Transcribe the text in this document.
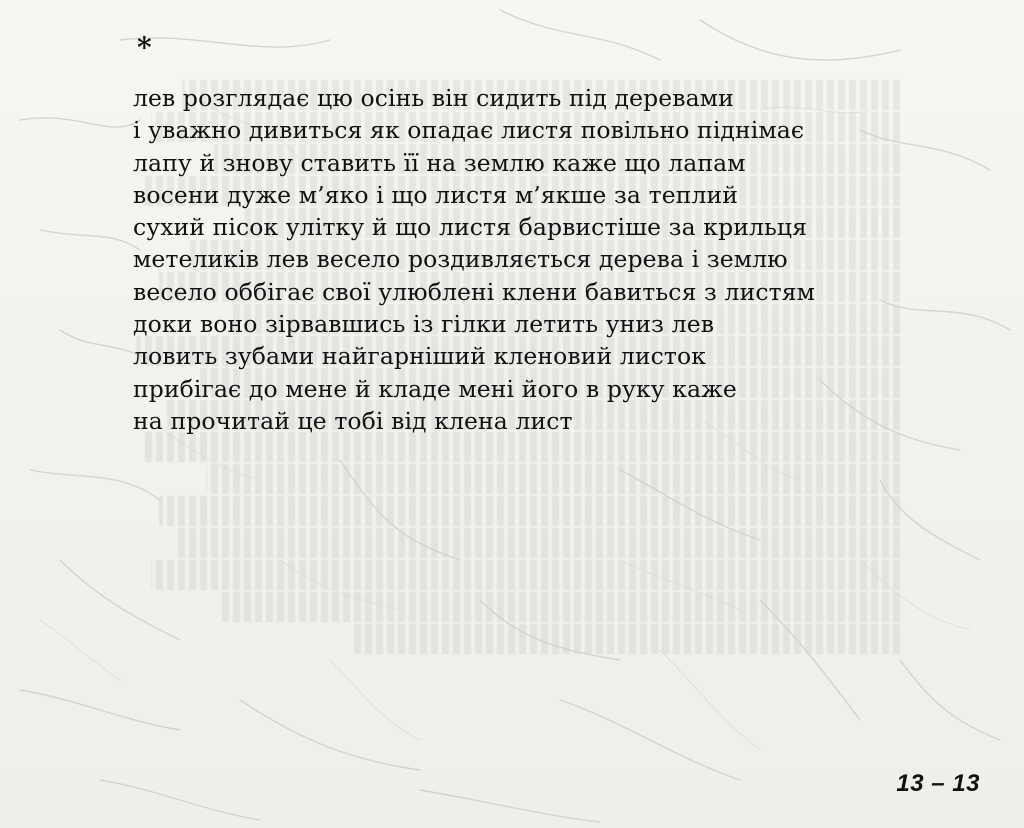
*
лев розглядає цю осінь він сидить під деревами
і уважно дивиться як опадає листя повільно піднімає
лапу й знову ставить її на землю каже що лапам
восени дуже м’яко і що листя м’якше за теплий
сухий пісок улітку й що листя барвистіше за крильця
метеликів лев весело роздивляється дерева і землю
весело оббігає свої улюблені клени бавиться з листям
доки воно зірвавшись із гілки летить униз лев
ловить зубами найгарніший кленовий листок
прибігає до мене й кладе мені його в руку каже
на прочитай це тобі від клена лист
13 – 13
